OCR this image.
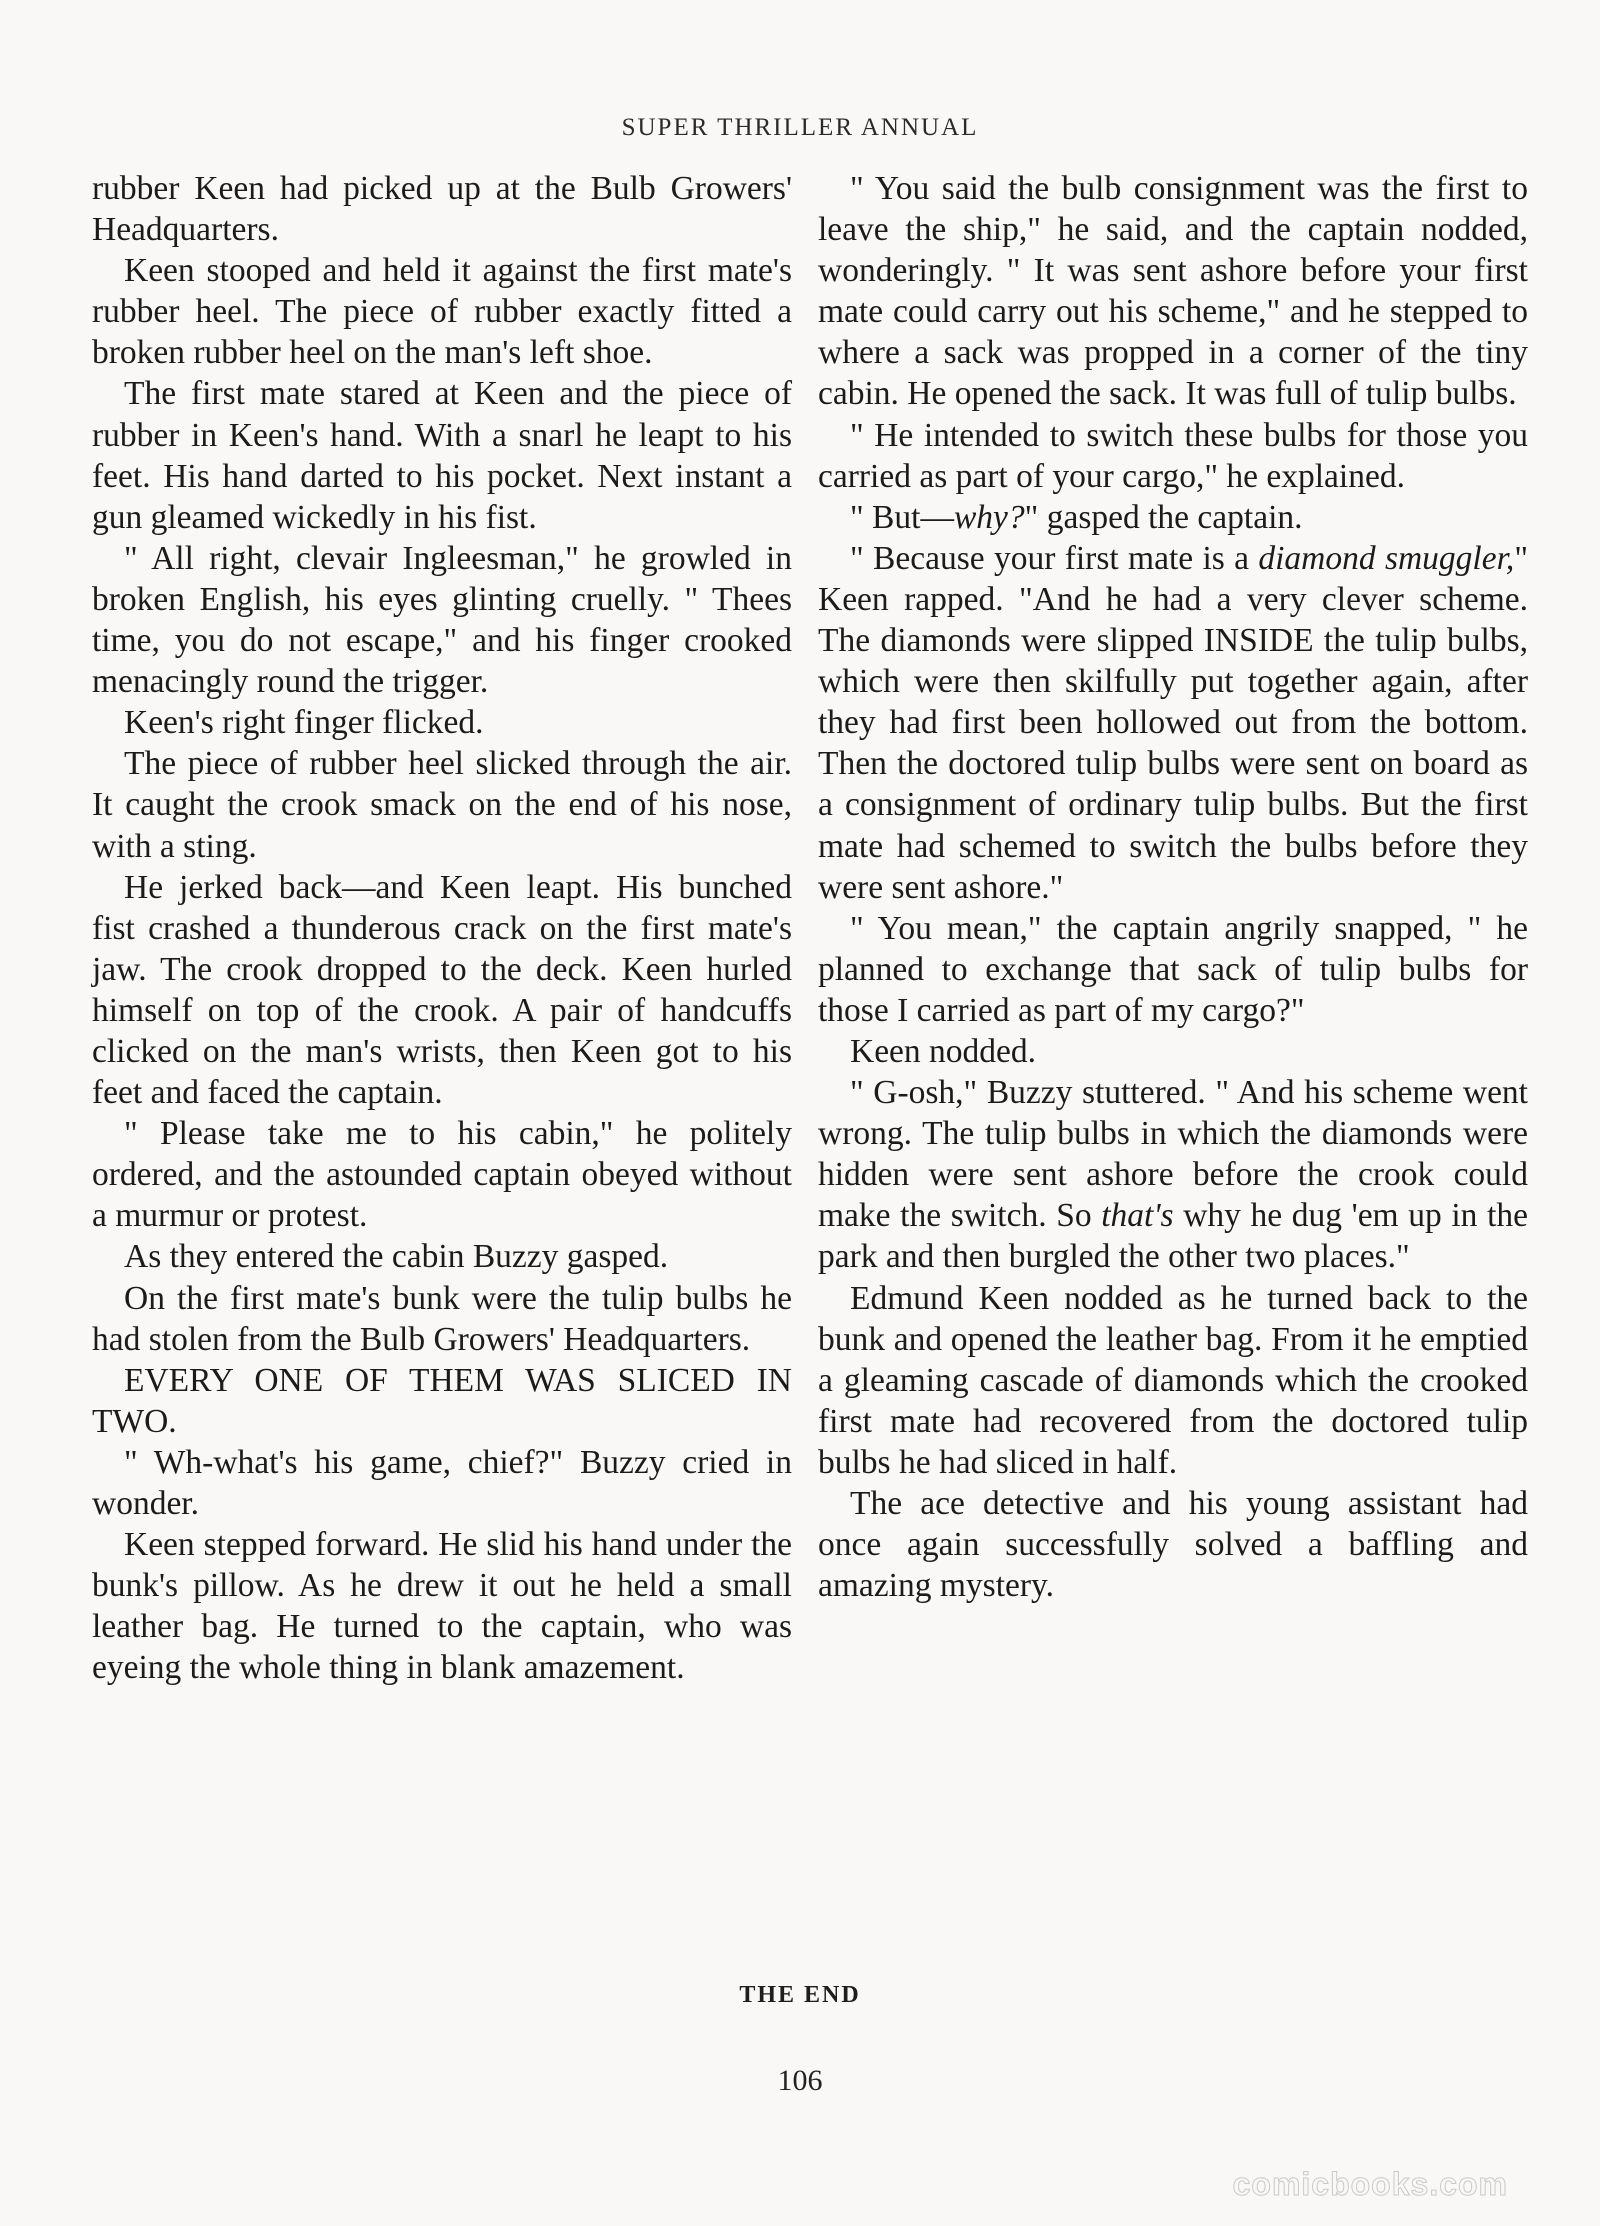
SUPER THRILLER ANNUAL

rubber Keen had picked up at the Bulb Growers' Headquarters.

Keen stooped and held it against the first mate's rubber heel. The piece of rubber exactly fitted a broken rubber heel on the man's left shoe.

The first mate stared at Keen and the piece of rubber in Keen's hand. With a snarl he leapt to his feet. His hand darted to his pocket. Next instant a gun gleamed wickedly in his fist.

" All right, clevair Ingleesman," he growled in broken English, his eyes glinting cruelly. " Thees time, you do not escape," and his finger crooked menacingly round the trigger.

Keen's right finger flicked.

The piece of rubber heel slicked through the air. It caught the crook smack on the end of his nose, with a sting.

He jerked back—and Keen leapt. His bunched fist crashed a thunderous crack on the first mate's jaw. The crook dropped to the deck. Keen hurled himself on top of the crook. A pair of handcuffs clicked on the man's wrists, then Keen got to his feet and faced the captain.

" Please take me to his cabin," he politely ordered, and the astounded captain obeyed without a murmur or protest.

As they entered the cabin Buzzy gasped.

On the first mate's bunk were the tulip bulbs he had stolen from the Bulb Growers' Headquarters.

EVERY ONE OF THEM WAS SLICED IN TWO.

" Wh-what's his game, chief?" Buzzy cried in wonder.

Keen stepped forward. He slid his hand under the bunk's pillow. As he drew it out he held a small leather bag. He turned to the captain, who was eyeing the whole thing in blank amazement.

" You said the bulb consignment was the first to leave the ship," he said, and the captain nodded, wonderingly. " It was sent ashore before your first mate could carry out his scheme," and he stepped to where a sack was propped in a corner of the tiny cabin. He opened the sack. It was full of tulip bulbs.

" He intended to switch these bulbs for those you carried as part of your cargo," he explained.

" But—why?" gasped the captain.

" Because your first mate is a diamond smuggler," Keen rapped. "And he had a very clever scheme. The diamonds were slipped INSIDE the tulip bulbs, which were then skilfully put together again, after they had first been hollowed out from the bottom. Then the doctored tulip bulbs were sent on board as a consignment of ordinary tulip bulbs. But the first mate had schemed to switch the bulbs before they were sent ashore."

" You mean," the captain angrily snapped, " he planned to exchange that sack of tulip bulbs for those I carried as part of my cargo?"

Keen nodded.

" G-osh," Buzzy stuttered. " And his scheme went wrong. The tulip bulbs in which the diamonds were hidden were sent ashore before the crook could make the switch. So that's why he dug 'em up in the park and then burgled the other two places."

Edmund Keen nodded as he turned back to the bunk and opened the leather bag. From it he emptied a gleaming cascade of diamonds which the crooked first mate had recovered from the doctored tulip bulbs he had sliced in half.

The ace detective and his young assistant had once again successfully solved a baffling and amazing mystery.

THE END
106
comicbooks.com
